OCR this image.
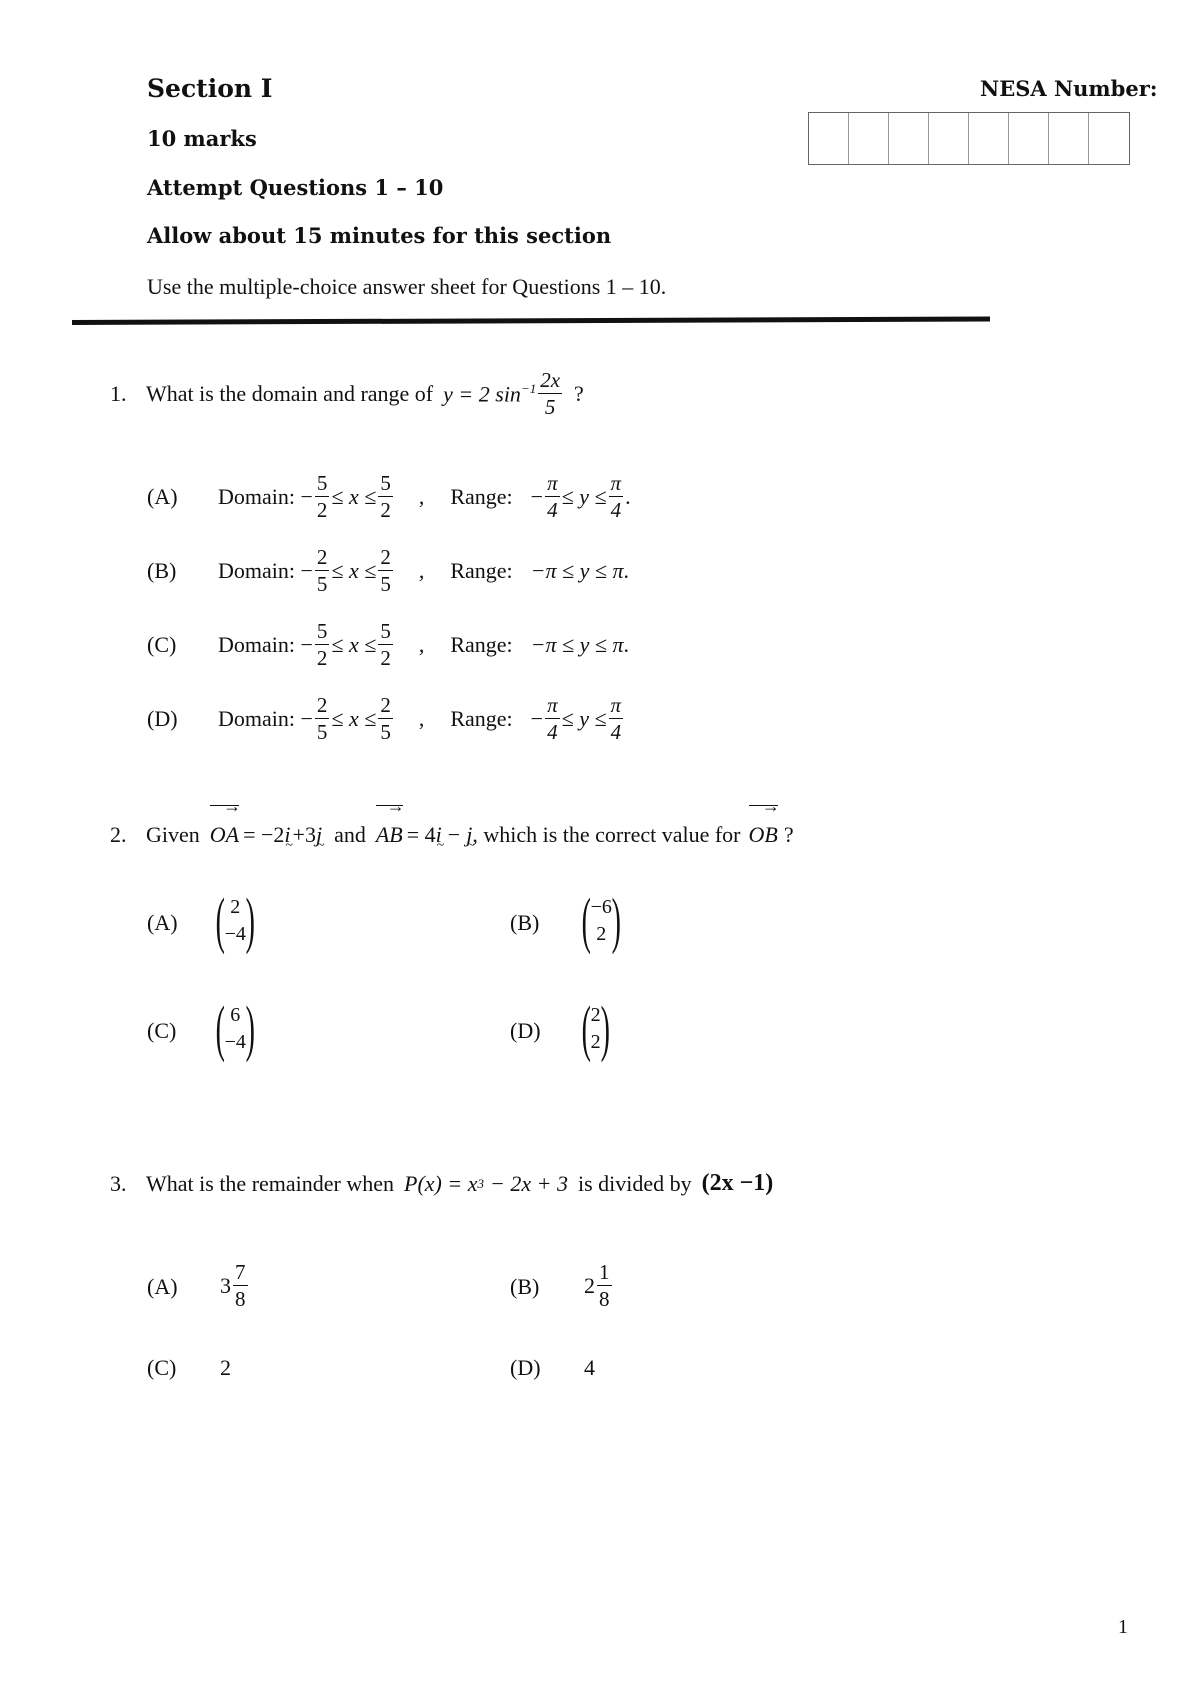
Section I
10 marks
Attempt Questions 1 – 10
Allow about 15 minutes for this section
Use the multiple-choice answer sheet for Questions 1 – 10.
NESA Number:
1. What is the domain and range of y = 2 $\sin^{-1} \frac{2x}{5}$ ?
(A) Domain: − $\frac{5}{2} \le x \le \frac{5}{2}$ , Range: − $\frac{\pi}{4} \le y \le \frac{\pi}{4}$ .
(B) Domain: − $\frac{2}{5} \le x \le \frac{2}{5}$ , Range: −π ≤ y ≤ π .
(C) Domain: − $\frac{5}{2} \le x \le \frac{5}{2}$ , Range: −π ≤ y ≤ π .
(D) Domain: − $\frac{2}{5} \le x \le \frac{2}{5}$ , Range: − $\frac{\pi}{4} \le y \le \frac{\pi}{4}$
2. Given → OA = −2 i ~ +3 j ~ and → AB = 4 i ~ − j ~ , which is the correct value for → OB ?
(A) ( 2
−4 )	(B) ( −6
2 )
(C) ( 6
−4 )	(D) ( 2
2 )
3. What is the remainder when P(x) = x 3 − 2x + 3 is divided by (2x −1)
(A) $3 \frac{7}{8}$	(B) $2 \frac{1}{8}$
(C) 2	(D) 4
1
